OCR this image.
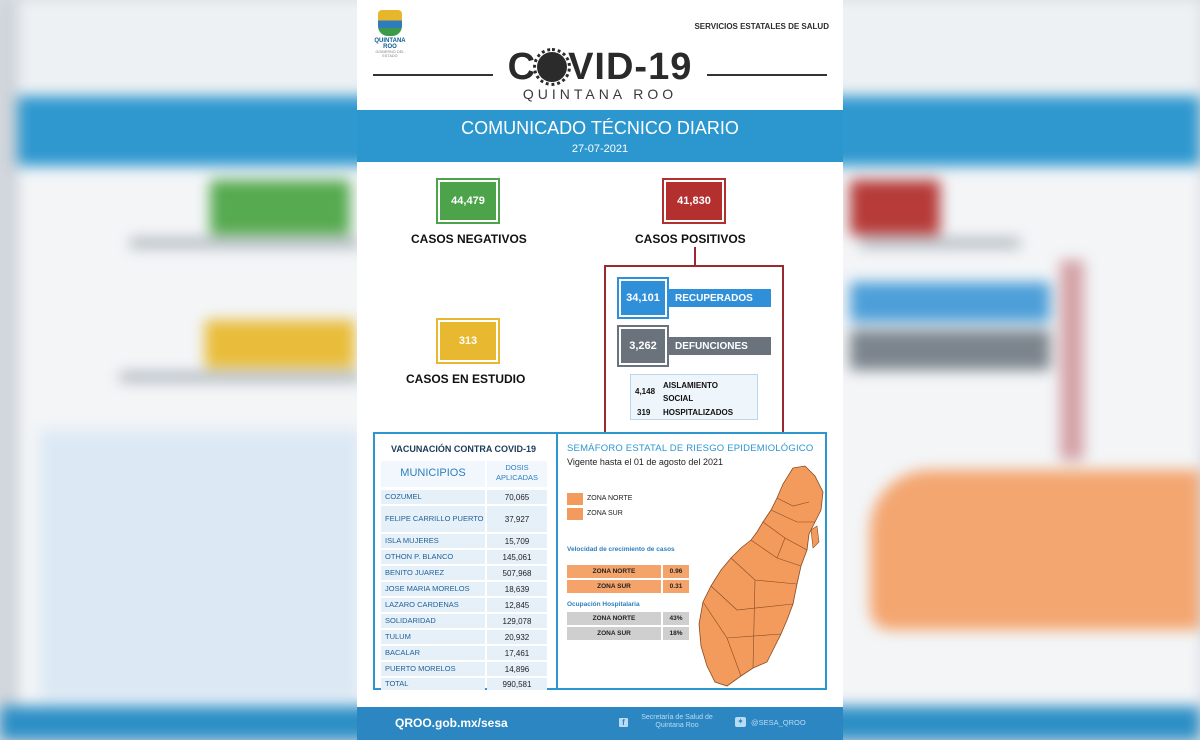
QUINTANA ROO
GOBIERNO DEL ESTADO
SERVICIOS ESTATALES DE SALUD
C VID-19
QUINTANA ROO
COMUNICADO TÉCNICO DIARIO
27-07-2021
44,479
CASOS NEGATIVOS
41,830
CASOS POSITIVOS
313
CASOS EN ESTUDIO
RECUPERADOS
34,101
DEFUNCIONES
3,262
4,148
AISLAMIENTO SOCIAL
319 HOSPITALIZADOS
VACUNACIÓN CONTRA COVID-19
MUNICIPIOS	DOSIS APLICADAS
COZUMEL	70,065
FELIPE CARRILLO PUERTO	37,927
ISLA MUJERES	15,709
OTHON P. BLANCO	145,061
BENITO JUAREZ	507,968
JOSE MARIA MORELOS	18,639
LAZARO CARDENAS	12,845
SOLIDARIDAD	129,078
TULUM	20,932
BACALAR	17,461
PUERTO MORELOS	14,896
TOTAL	990,581
SEMÁFORO ESTATAL DE RIESGO EPIDEMIOLÓGICO
Vigente hasta el 01 de agosto del 2021
ZONA NORTE
ZONA SUR
Velocidad de crecimiento de casos
ZONA NORTE	0.96
ZONA SUR	0.31
Ocupación Hospitalaria
ZONA NORTE	43%
ZONA SUR	18%
QROO.gob.mx/sesa	f
Secretaría de Salud de Quintana Roo	✦ @SESA_QROO
